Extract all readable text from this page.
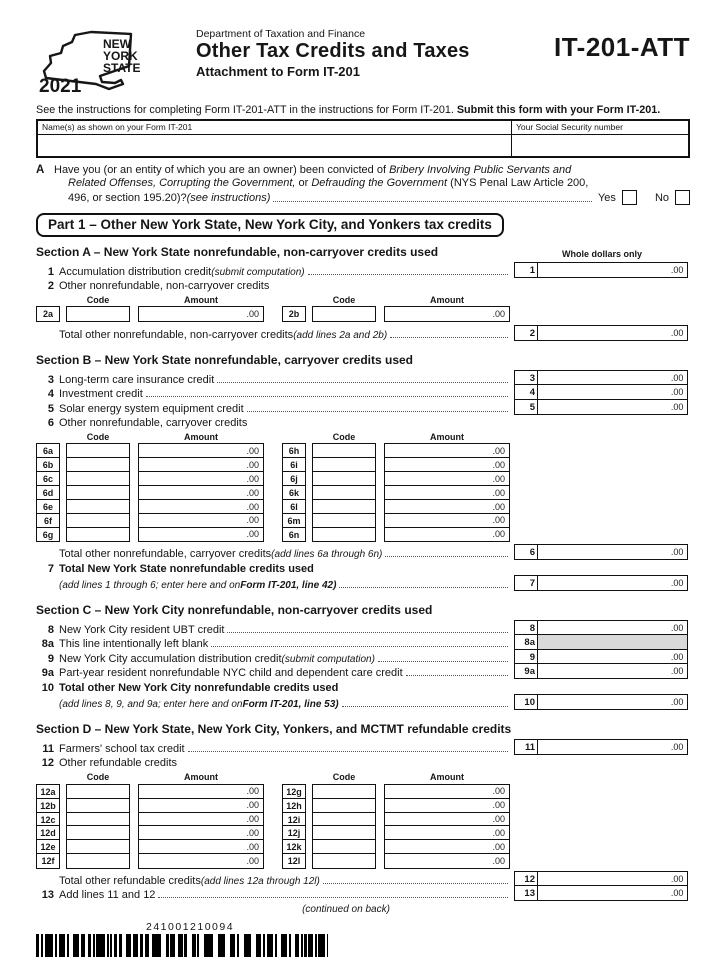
NEW
YORK
STATE
2021
Department of Taxation and Finance
Other Tax Credits and Taxes
Attachment to Form IT-201
IT-201-ATT
See the instructions for completing Form IT-201-ATT in the instructions for Form IT-201. Submit this form with your Form IT-201.
Name(s) as shown on your Form IT-201	Your Social Security number
A Have you (or an entity of which you are an owner) been convicted of Bribery Involving Public Servants and
Related Offenses, Corrupting the Government, or Defrauding the Government (NYS Penal Law Article 200,
496, or section 195.20)? (see instructions)	Yes	No
Part 1 – Other New York State, New York City, and Yonkers tax credits
Section A – New York State nonrefundable, non-carryover credits used	Whole dollars only
1 Accumulation distribution credit (submit computation)	1	.00
2 Other nonrefundable, non-carryover credits
Code	Amount	Code	Amount
2a	.00	2b	.00
Total other nonrefundable, non-carryover credits (add lines 2a and 2b)	2	.00
Section B – New York State nonrefundable, carryover credits used
3 Long-term care insurance credit	3	.00
4 Investment credit	4	.00
5 Solar energy system equipment credit	5	.00
6 Other nonrefundable, carryover credits
Code	Amount	Code	Amount
6a	.00	6h	.00
6b	.00	6i	.00
6c	.00	6j	.00
6d	.00	6k	.00
6e	.00	6l	.00
6f	.00	6m	.00
6g	.00	6n	.00
Total other nonrefundable, carryover credits (add lines 6a through 6n)	6	.00
7 Total New York State nonrefundable credits used
(add lines 1 through 6; enter here and on Form IT-201, line 42)	7	.00
Section C – New York City nonrefundable, non-carryover credits used
8 New York City resident UBT credit	8	.00
8a This line intentionally left blank	8a
9 New York City accumulation distribution credit (submit computation)	9	.00
9a Part-year resident nonrefundable NYC child and dependent care credit	9a	.00
10 Total other New York City nonrefundable credits used
(add lines 8, 9, and 9a; enter here and on Form IT-201, line 53)	10	.00
Section D – New York State, New York City, Yonkers, and MCTMT refundable credits
11 Farmers' school tax credit	11	.00
12 Other refundable credits
Code	Amount	Code	Amount
12a	.00	12g	.00
12b	.00	12h	.00
12c	.00	12i	.00
12d	.00	12j	.00
12e	.00	12k	.00
12f	.00	12l	.00
Total other refundable credits (add lines 12a through 12l)	12	.00
13 Add lines 11 and 12	13	.00
(continued on back)
241001210094
